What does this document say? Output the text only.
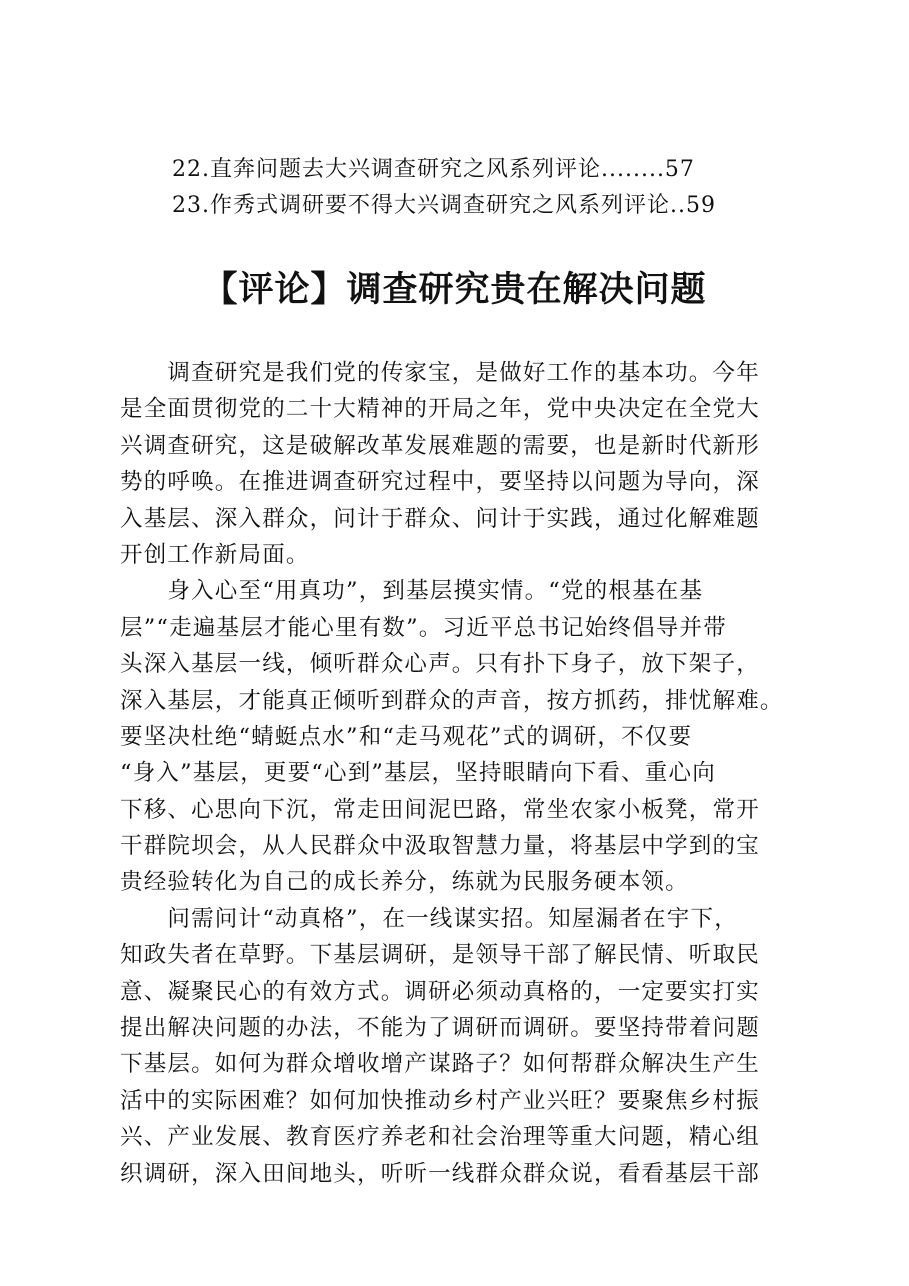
22.直奔问题去大兴调查研究之风系列评论........57
23.作秀式调研要不得大兴调查研究之风系列评论..59
【评论】调查研究贵在解决问题
　　调查研究是我们党的传家宝，是做好工作的基本功。今年
是全面贯彻党的二十大精神的开局之年，党中央决定在全党大
兴调查研究，这是破解改革发展难题的需要，也是新时代新形
势的呼唤。在推进调查研究过程中，要坚持以问题为导向，深
入基层、深入群众，问计于群众、问计于实践，通过化解难题
开创工作新局面。
　　身入心至“用真功”，到基层摸实情。“党的根基在基
层”“走遍基层才能心里有数”。习近平总书记始终倡导并带
头深入基层一线，倾听群众心声。只有扑下身子，放下架子，
深入基层，才能真正倾听到群众的声音，按方抓药，排忧解难。
要坚决杜绝“蜻蜓点水”和“走马观花”式的调研，不仅要
“身入”基层，更要“心到”基层，坚持眼睛向下看、重心向
下移、心思向下沉，常走田间泥巴路，常坐农家小板凳，常开
干群院坝会，从人民群众中汲取智慧力量，将基层中学到的宝
贵经验转化为自己的成长养分，练就为民服务硬本领。
　　问需问计“动真格”，在一线谋实招。知屋漏者在宇下，
知政失者在草野。下基层调研，是领导干部了解民情、听取民
意、凝聚民心的有效方式。调研必须动真格的，一定要实打实
提出解决问题的办法，不能为了调研而调研。要坚持带着问题
下基层。如何为群众增收增产谋路子？如何帮群众解决生产生
活中的实际困难？如何加快推动乡村产业兴旺？要聚焦乡村振
兴、产业发展、教育医疗养老和社会治理等重大问题，精心组
织调研，深入田间地头，听听一线群众群众说，看看基层干部
